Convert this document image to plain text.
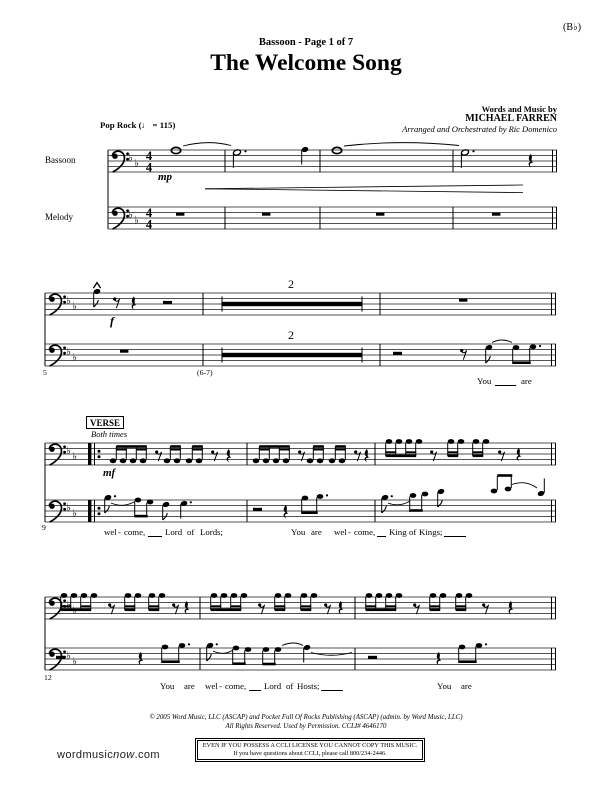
♭ ♭
4
4
♭ ♭
4
4
♭ ♭
♭ ♭
♭ ♭
♭ ♭
♭
♭ ♭
(B♭)
Bassoon - Page 1 of 7
The Welcome Song
Words and Music by
MICHAEL FARREN
Arranged and Orchestrated by Ric Domenico
Pop Rock (♩ = 115)
Bassoon
Melody
mp
f
mf
2
2
5	(6-7)
9
12
VERSE
Both times
You	are
wel - come, Lord of Lords;	You are wel - come, King of Kings;
You are wel - come, Lord of Hosts;	You are
© 2005 Word Music, LLC (ASCAP) and Pocket Full Of Rocks Publishing (ASCAP) (admin. by Word Music, LLC)
All Rights Reserved. Used by Permission. CCLI# 4646170
EVEN IF YOU POSSESS A CCLI LICENSE YOU CANNOT COPY THIS MUSIC.
If you have questions about CCLI, please call 800/234-2446.
wordmusicnow.com
